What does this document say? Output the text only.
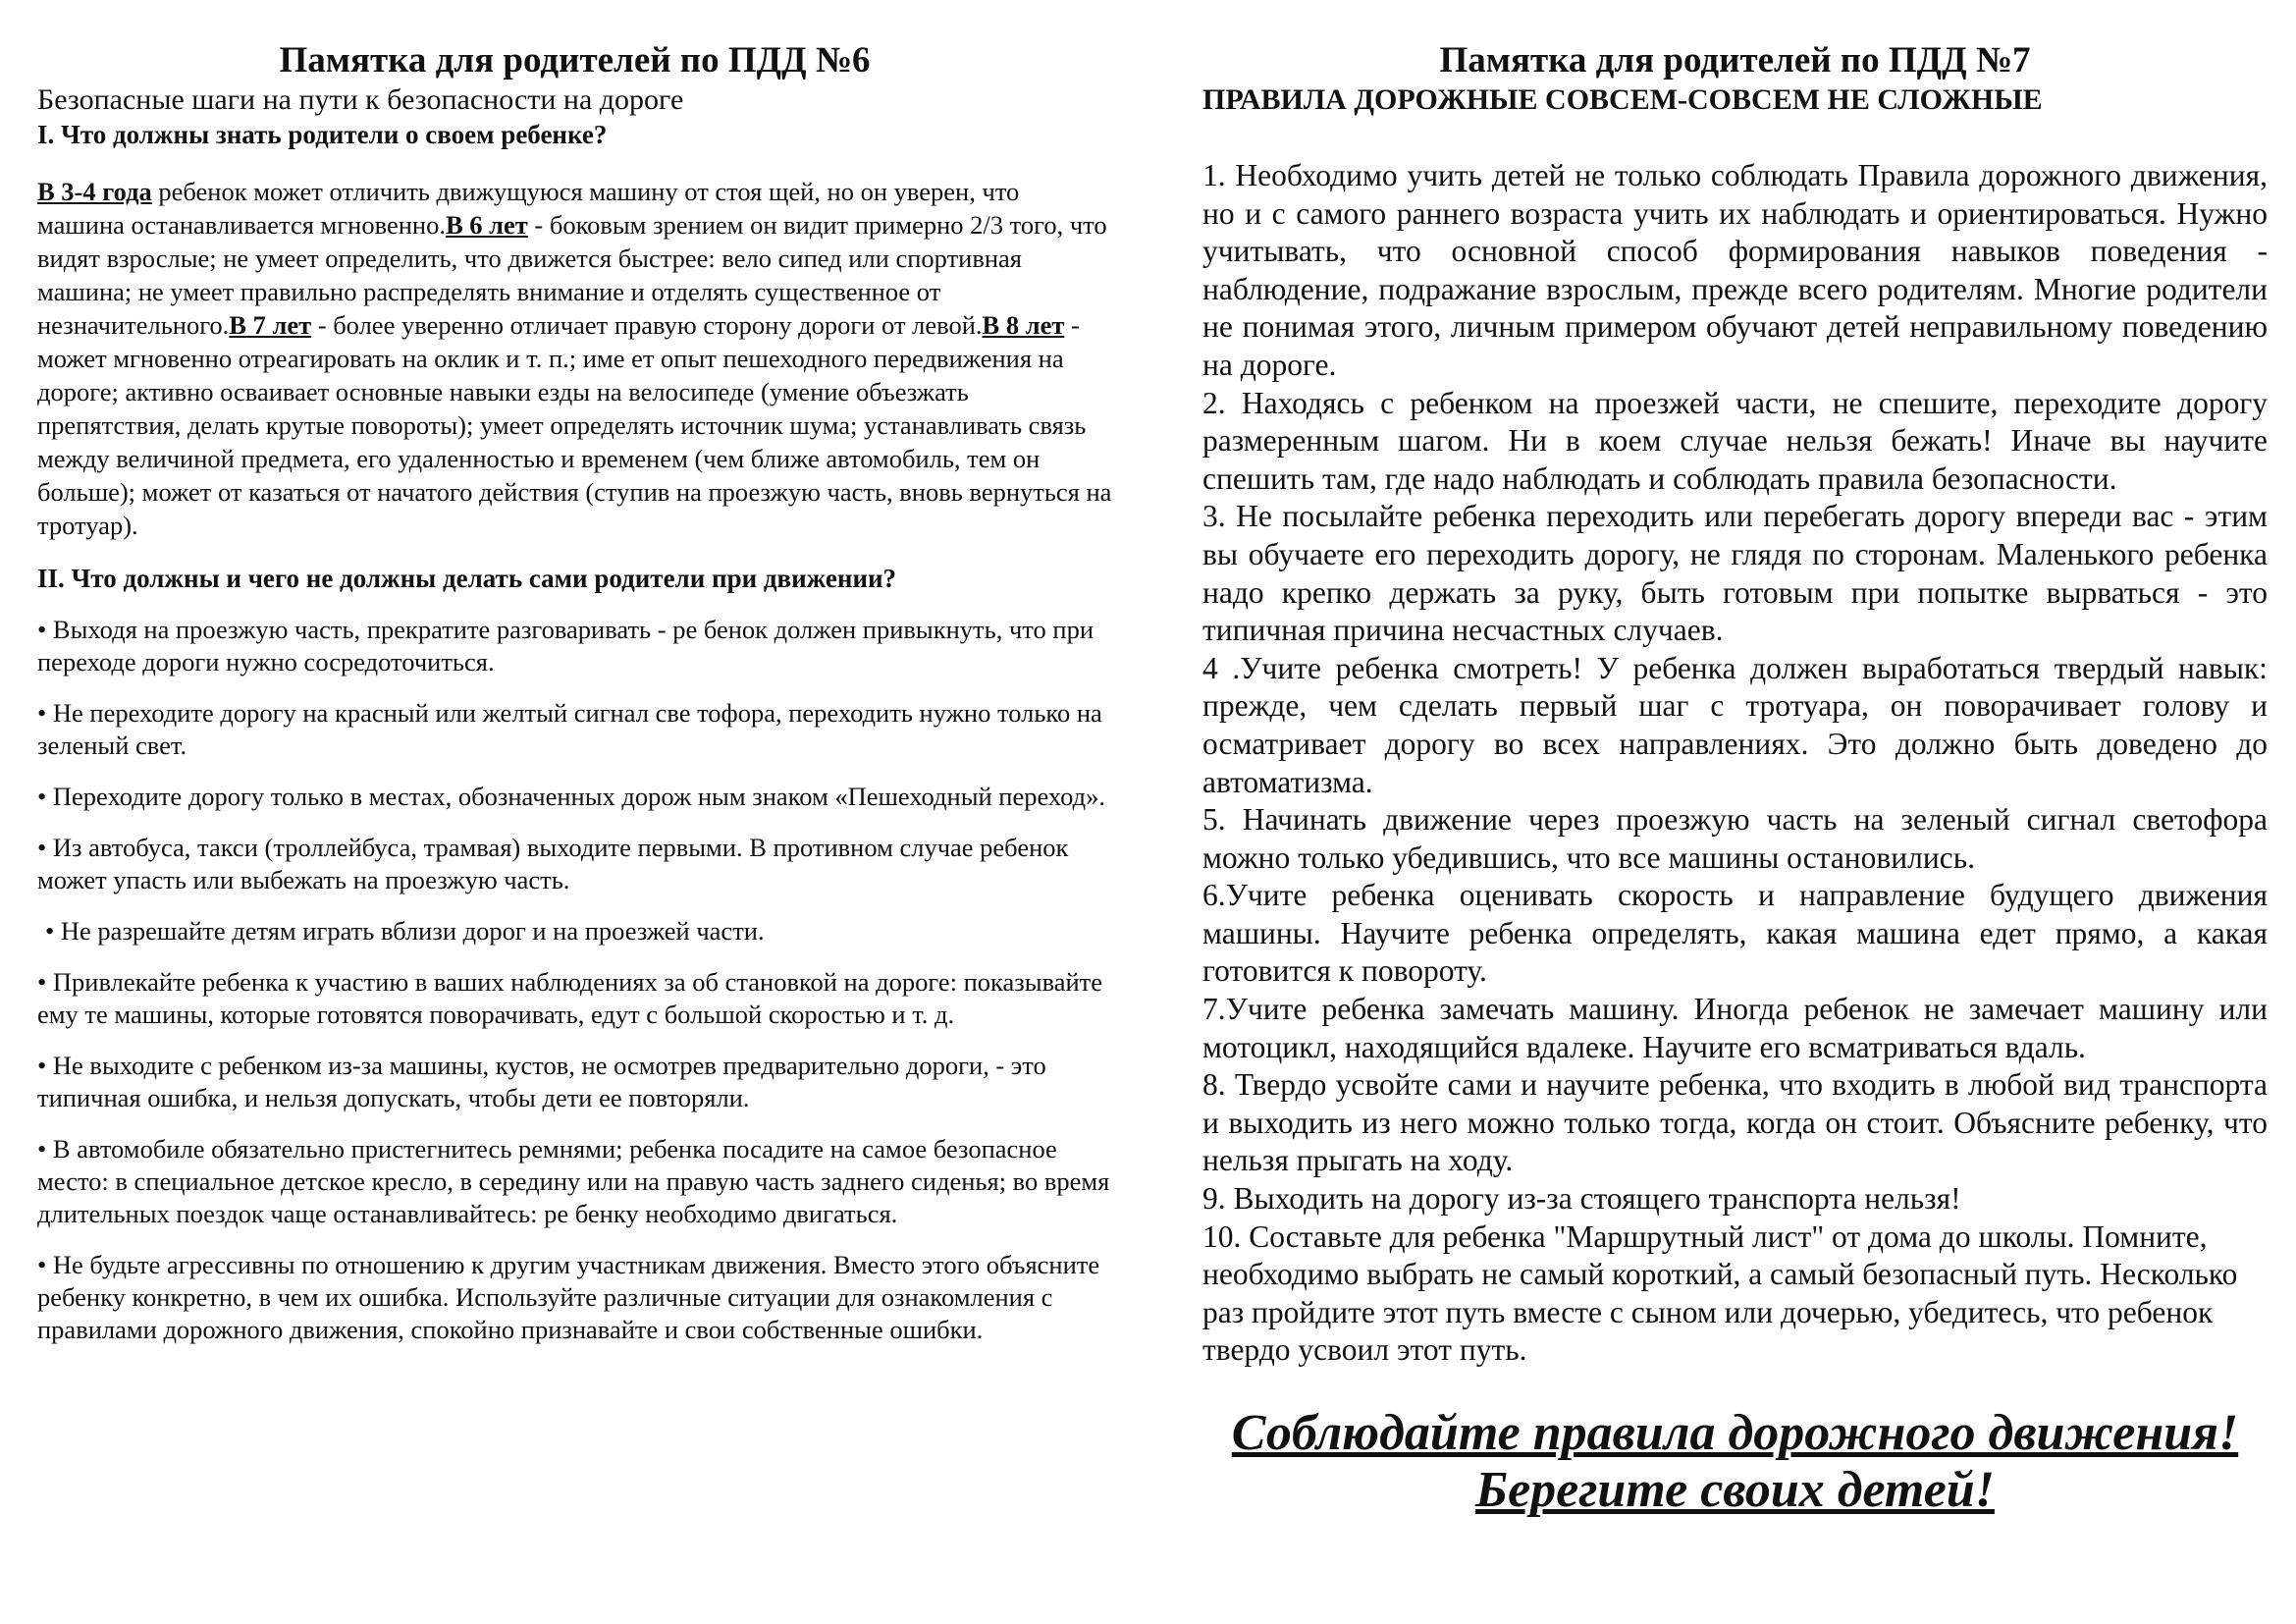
Памятка для родителей по ПДД №6

Безопасные шаги на пути к безопасности на дороге

I. Что должны знать родители о своем ребенке?

В 3-4 года ребенок может отличить движущуюся машину от стоя щей, но он уверен, что машина останавливается мгновенно.В 6 лет - боковым зрением он видит примерно 2/3 того, что видят взрослые; не умеет определить, что движется быстрее: вело сипед или спортивная машина; не умеет правильно распределять внимание и отделять существенное от незначительного.В 7 лет - более уверенно отличает правую сторону дороги от левой.В 8 лет - может мгновенно отреагировать на оклик и т. п.; име ет опыт пешеходного передвижения на дороге; активно осваивает основные навыки езды на велосипеде (умение объезжать препятствия, делать крутые повороты); умеет определять источник шума; устанавливать связь между величиной предмета, его удаленностью и временем (чем ближе автомобиль, тем он больше); может от казаться от начатого действия (ступив на проезжую часть, вновь вернуться на тротуар).

II. Что должны и чего не должны делать сами родители при движении?

• Выходя на проезжую часть, прекратите разговаривать - ре бенок должен привыкнуть, что при переходе дороги нужно сосредоточиться.

• Не переходите дорогу на красный или желтый сигнал све тофора, переходить нужно только на зеленый свет.

• Переходите дорогу только в местах, обозначенных дорож ным знаком «Пешеходный переход».

• Из автобуса, такси (троллейбуса, трамвая) выходите первыми. В противном случае ребенок может упасть или выбежать на проезжую часть.

• Не разрешайте детям играть вблизи дорог и на проезжей части.

• Привлекайте ребенка к участию в ваших наблюдениях за об становкой на дороге: показывайте ему те машины, которые готовятся поворачивать, едут с большой скоростью и т. д.

• Не выходите с ребенком из-за машины, кустов, не осмотрев предварительно дороги, - это типичная ошибка, и нельзя допускать, чтобы дети ее повторяли.

• В автомобиле обязательно пристегнитесь ремнями; ребенка посадите на самое безопасное место: в специальное детское кресло, в середину или на правую часть заднего сиденья; во время длительных поездок чаще останавливайтесь: ре бенку необходимо двигаться.

• Не будьте агрессивны по отношению к другим участникам движения. Вместо этого объясните ребенку конкретно, в чем их ошибка. Используйте различные ситуации для ознакомления с правилами дорожного движения, спокойно признавайте и свои собственные ошибки.

Памятка для родителей по ПДД №7

ПРАВИЛА ДОРОЖНЫЕ СОВСЕМ-СОВСЕМ НЕ СЛОЖНЫЕ

1. Необходимо учить детей не только соблюдать Правила дорожного движения, но и с самого раннего возраста учить их наблюдать и ориентироваться. Нужно учитывать, что основной способ формирования навыков поведения - наблюдение, подражание взрослым, прежде всего родителям. Многие родители не понимая этого, личным примером обучают детей неправильному поведению на дороге.

2. Находясь с ребенком на проезжей части, не спешите, переходите дорогу размеренным шагом. Ни в коем случае нельзя бежать! Иначе вы научите спешить там, где надо наблюдать и соблюдать правила безопасности.

3. Не посылайте ребенка переходить или перебегать дорогу впереди вас - этим вы обучаете его переходить дорогу, не глядя по сторонам. Маленького ребенка надо крепко держать за руку, быть готовым при попытке вырваться - это типичная причина несчастных случаев.

4 .Учите ребенка смотреть! У ребенка должен выработаться твердый навык: прежде, чем сделать первый шаг с тротуара, он поворачивает голову и осматривает дорогу во всех направлениях. Это должно быть доведено до автоматизма.

5. Начинать движение через проезжую часть на зеленый сигнал светофора можно только убедившись, что все машины остановились.

6.Учите ребенка оценивать скорость и направление будущего движения машины. Научите ребенка определять, какая машина едет прямо, а какая готовится к повороту.

7.Учите ребенка замечать машину. Иногда ребенок не замечает машину или мотоцикл, находящийся вдалеке. Научите его всматриваться вдаль.

8. Твердо усвойте сами и научите ребенка, что входить в любой вид транспорта и выходить из него можно только тогда, когда он стоит. Объясните ребенку, что нельзя прыгать на ходу.

9. Выходить на дорогу из-за стоящего транспорта нельзя!

10. Составьте для ребенка "Маршрутный лист" от дома до школы. Помните, необходимо выбрать не самый короткий, а самый безопасный путь. Несколько раз пройдите этот путь вместе с сыном или дочерью, убедитесь, что ребенок твердо усвоил этот путь.

Соблюдайте правила дорожного движения!

Берегите своих детей!
